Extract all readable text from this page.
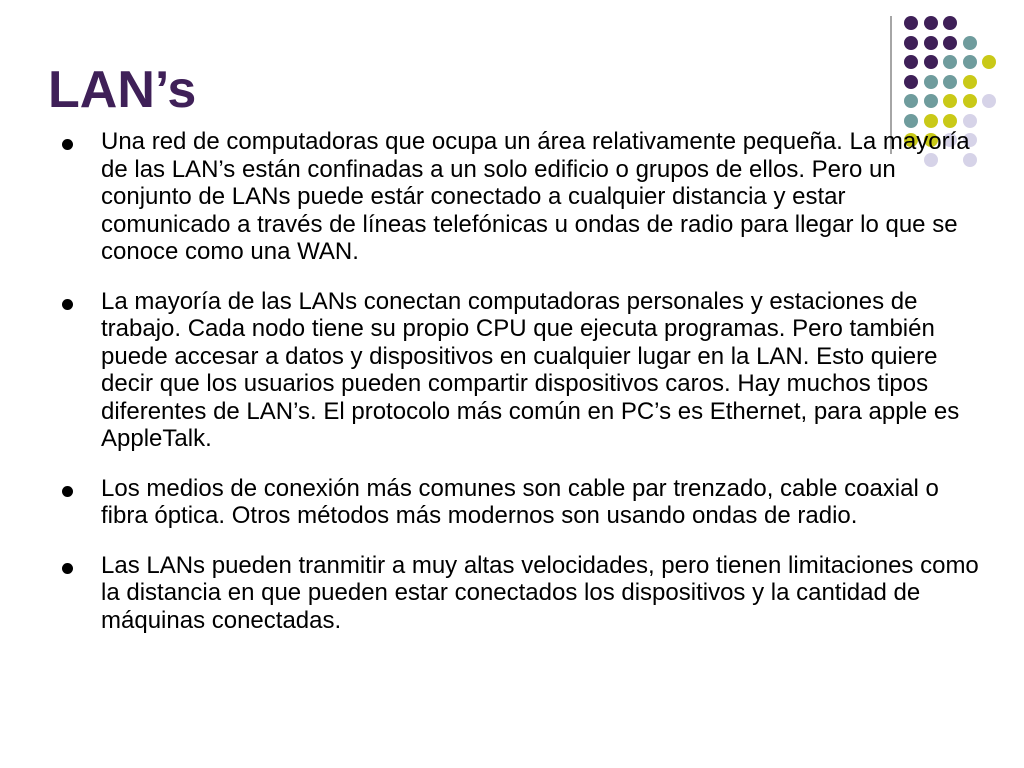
LAN’s
Una red de computadoras que ocupa un área relativamente pequeña. La mayoría de las LAN’s están confinadas a un solo edificio o grupos de ellos. Pero un conjunto de LANs puede estár conectado a cualquier distancia y estar comunicado a través de líneas telefónicas u ondas de radio para llegar lo que se conoce como una WAN.
La mayoría de las LANs conectan computadoras personales y estaciones de trabajo. Cada nodo tiene su propio CPU que ejecuta programas. Pero también puede accesar a datos y dispositivos en cualquier lugar en la LAN. Esto quiere decir que los usuarios pueden compartir dispositivos caros. Hay muchos tipos diferentes de LAN’s. El protocolo más común en PC’s es Ethernet, para apple es AppleTalk.
Los medios de conexión más comunes son cable par trenzado, cable coaxial o fibra óptica. Otros métodos más modernos son usando ondas de radio.
Las LANs pueden tranmitir a muy altas velocidades, pero tienen limitaciones como la distancia en que pueden estar conectados los dispositivos y la cantidad de máquinas conectadas.
